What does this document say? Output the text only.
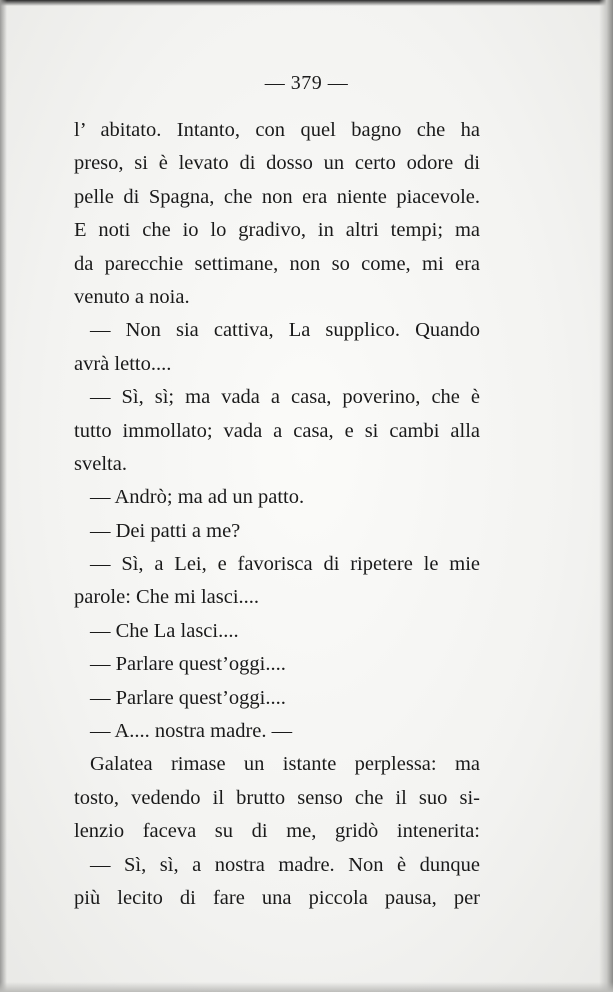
— 379 —
l’ abitato. Intanto, con quel bagno che ha
preso, si è levato di dosso un certo odore di
pelle di Spagna, che non era niente piacevole.
E noti che io lo gradivo, in altri tempi; ma
da parecchie settimane, non so come, mi era
venuto a noia.
— Non sia cattiva, La supplico. Quando
avrà letto....
— Sì, sì; ma vada a casa, poverino, che è
tutto immollato; vada a casa, e si cambi alla
svelta.
— Andrò; ma ad un patto.
— Dei patti a me?
— Sì, a Lei, e favorisca di ripetere le mie
parole: Che mi lasci....
— Che La lasci....
— Parlare quest’oggi....
— Parlare quest’oggi....
— A.... nostra madre. —
Galatea rimase un istante perplessa: ma
tosto, vedendo il brutto senso che il suo si-
lenzio faceva su di me, gridò intenerita:
— Sì, sì, a nostra madre. Non è dunque
più lecito di fare una piccola pausa, per
